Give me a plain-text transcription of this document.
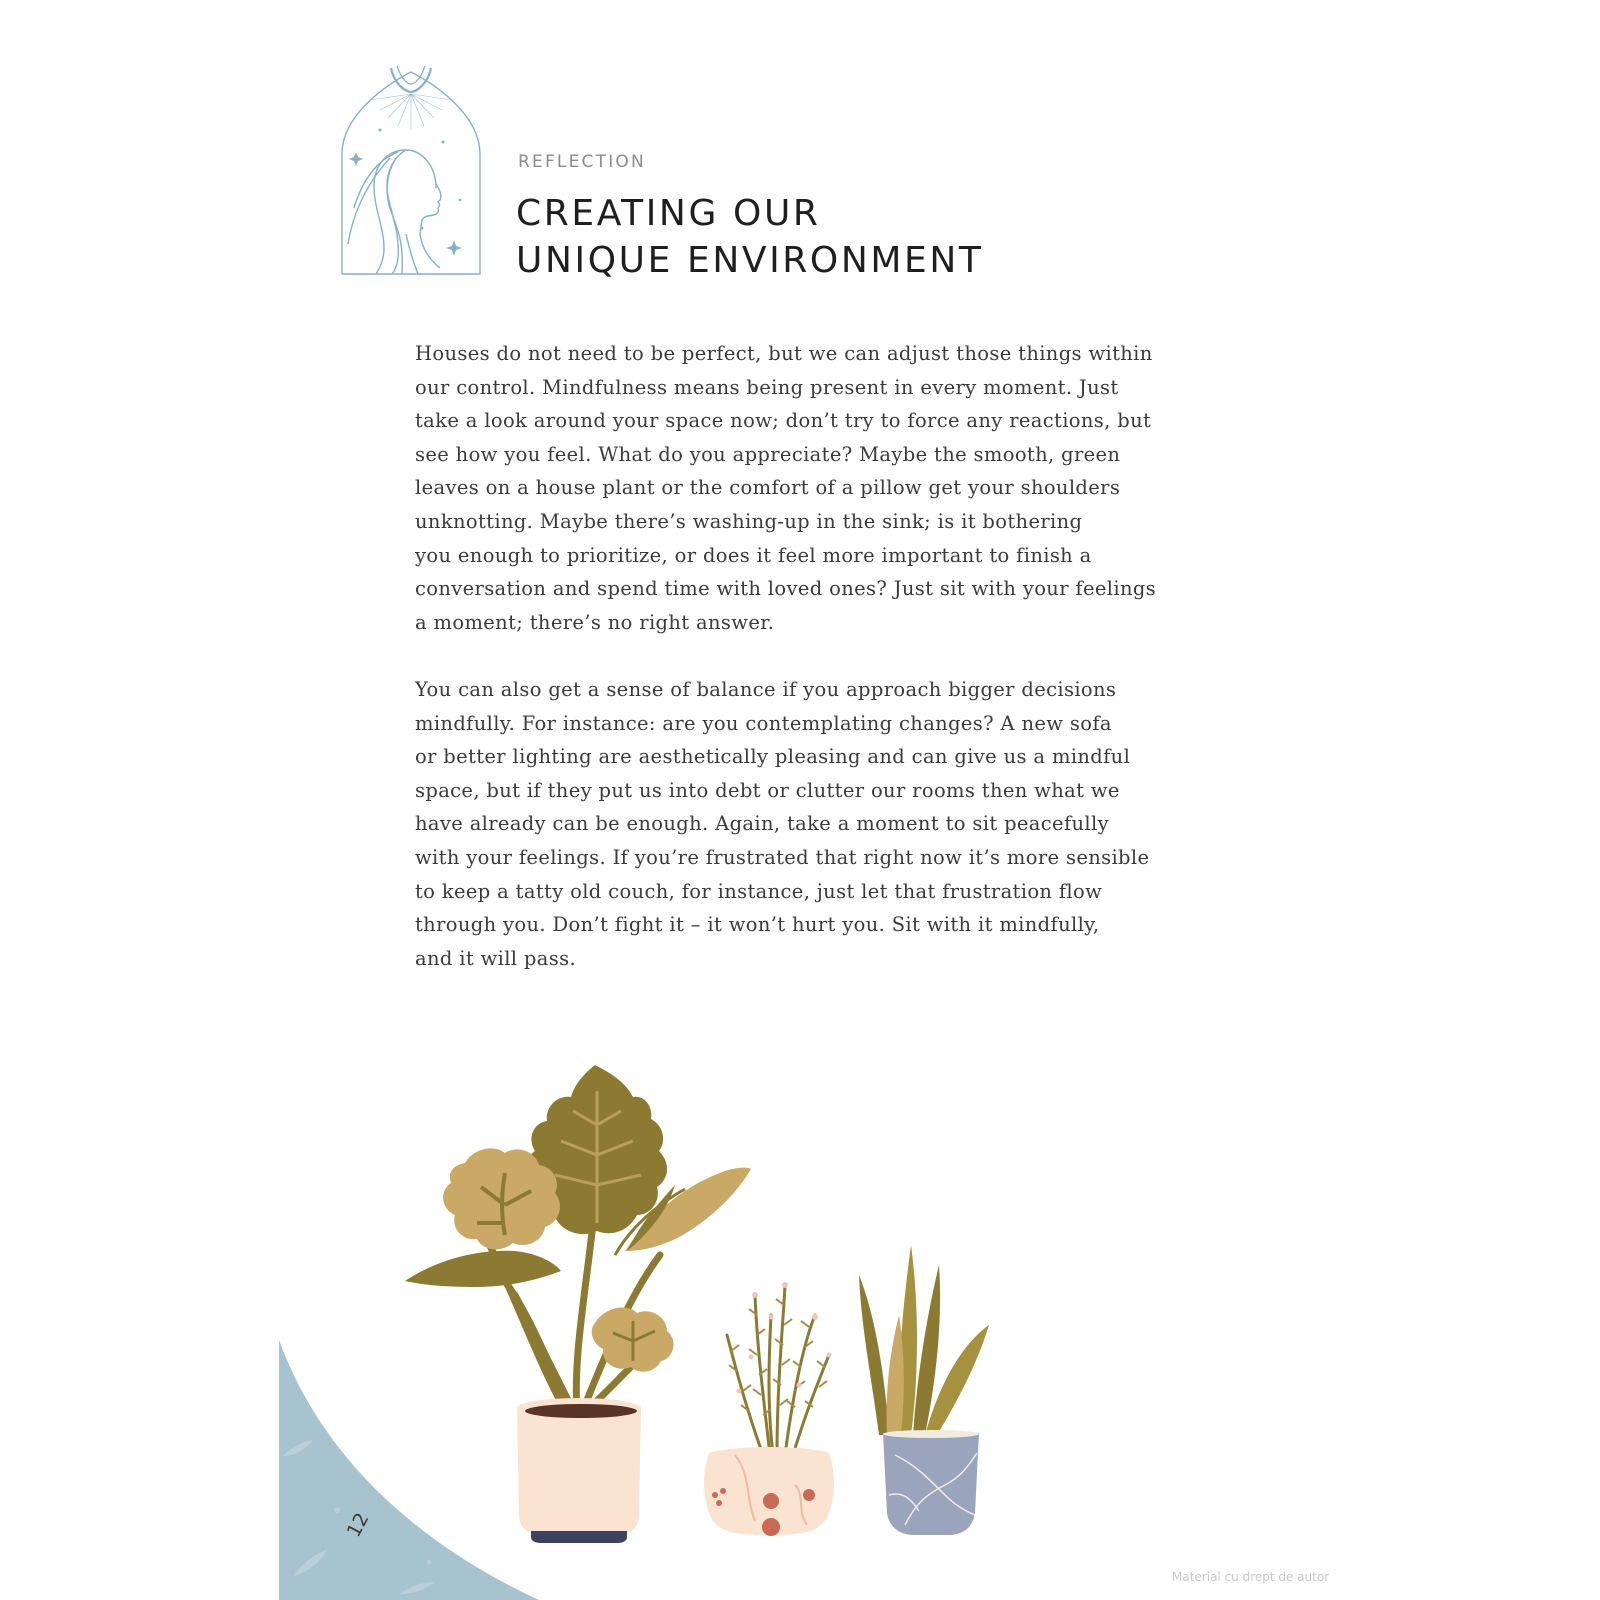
REFLECTION
CREATING OUR
UNIQUE ENVIRONMENT
Houses do not need to be perfect, but we can adjust those things within
our control. Mindfulness means being present in every moment. Just
take a look around your space now; don’t try to force any reactions, but
see how you feel. What do you appreciate? Maybe the smooth, green
leaves on a house plant or the comfort of a pillow get your shoulders
unknotting. Maybe there’s washing-up in the sink; is it bothering
you enough to prioritize, or does it feel more important to finish a
conversation and spend time with loved ones? Just sit with your feelings
a moment; there’s no right answer.
You can also get a sense of balance if you approach bigger decisions
mindfully. For instance: are you contemplating changes? A new sofa
or better lighting are aesthetically pleasing and can give us a mindful
space, but if they put us into debt or clutter our rooms then what we
have already can be enough. Again, take a moment to sit peacefully
with your feelings. If you’re frustrated that right now it’s more sensible
to keep a tatty old couch, for instance, just let that frustration flow
through you. Don’t fight it – it won’t hurt you. Sit with it mindfully,
and it will pass.
12
Material cu drept de autor
